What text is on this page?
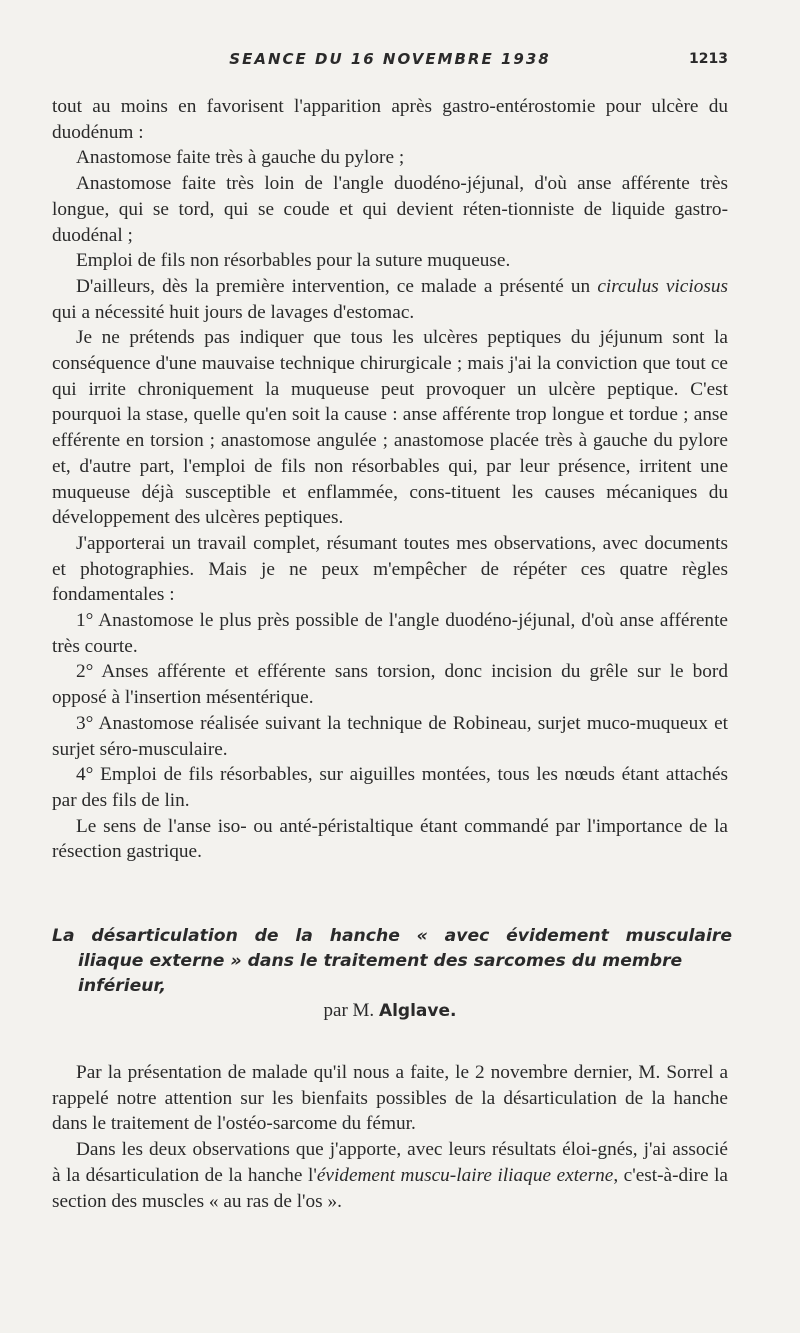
SEANCE DU 16 NOVEMBRE 1938	1213

tout au moins en favorisent l'apparition après gastro-entérostomie pour ulcère du duodénum :

Anastomose faite très à gauche du pylore ;

Anastomose faite très loin de l'angle duodéno-jéjunal, d'où anse afférente très longue, qui se tord, qui se coude et qui devient réten-tionniste de liquide gastro-duodénal ;

Emploi de fils non résorbables pour la suture muqueuse.

D'ailleurs, dès la première intervention, ce malade a présenté un circulus viciosus qui a nécessité huit jours de lavages d'estomac.

Je ne prétends pas indiquer que tous les ulcères peptiques du jéjunum sont la conséquence d'une mauvaise technique chirurgicale ; mais j'ai la conviction que tout ce qui irrite chroniquement la muqueuse peut provoquer un ulcère peptique. C'est pourquoi la stase, quelle qu'en soit la cause : anse afférente trop longue et tordue ; anse efférente en torsion ; anastomose angulée ; anastomose placée très à gauche du pylore et, d'autre part, l'emploi de fils non résorbables qui, par leur présence, irritent une muqueuse déjà susceptible et enflammée, cons-tituent les causes mécaniques du développement des ulcères peptiques.

J'apporterai un travail complet, résumant toutes mes observations, avec documents et photographies. Mais je ne peux m'empêcher de répéter ces quatre règles fondamentales :

1° Anastomose le plus près possible de l'angle duodéno-jéjunal, d'où anse afférente très courte.

2° Anses afférente et efférente sans torsion, donc incision du grêle sur le bord opposé à l'insertion mésentérique.

3° Anastomose réalisée suivant la technique de Robineau, surjet muco-muqueux et surjet séro-musculaire.

4° Emploi de fils résorbables, sur aiguilles montées, tous les nœuds étant attachés par des fils de lin.

Le sens de l'anse iso- ou anté-péristaltique étant commandé par l'importance de la résection gastrique.

La désarticulation de la hanche « avec évidement musculaire
iliaque externe » dans le traitement des sarcomes du membre
inférieur,
par M. Alglave.

Par la présentation de malade qu'il nous a faite, le 2 novembre dernier, M. Sorrel a rappelé notre attention sur les bienfaits possibles de la désarticulation de la hanche dans le traitement de l'ostéo-sarcome du fémur.

Dans les deux observations que j'apporte, avec leurs résultats éloi-gnés, j'ai associé à la désarticulation de la hanche l'évidement muscu-laire iliaque externe, c'est-à-dire la section des muscles « au ras de l'os ».
